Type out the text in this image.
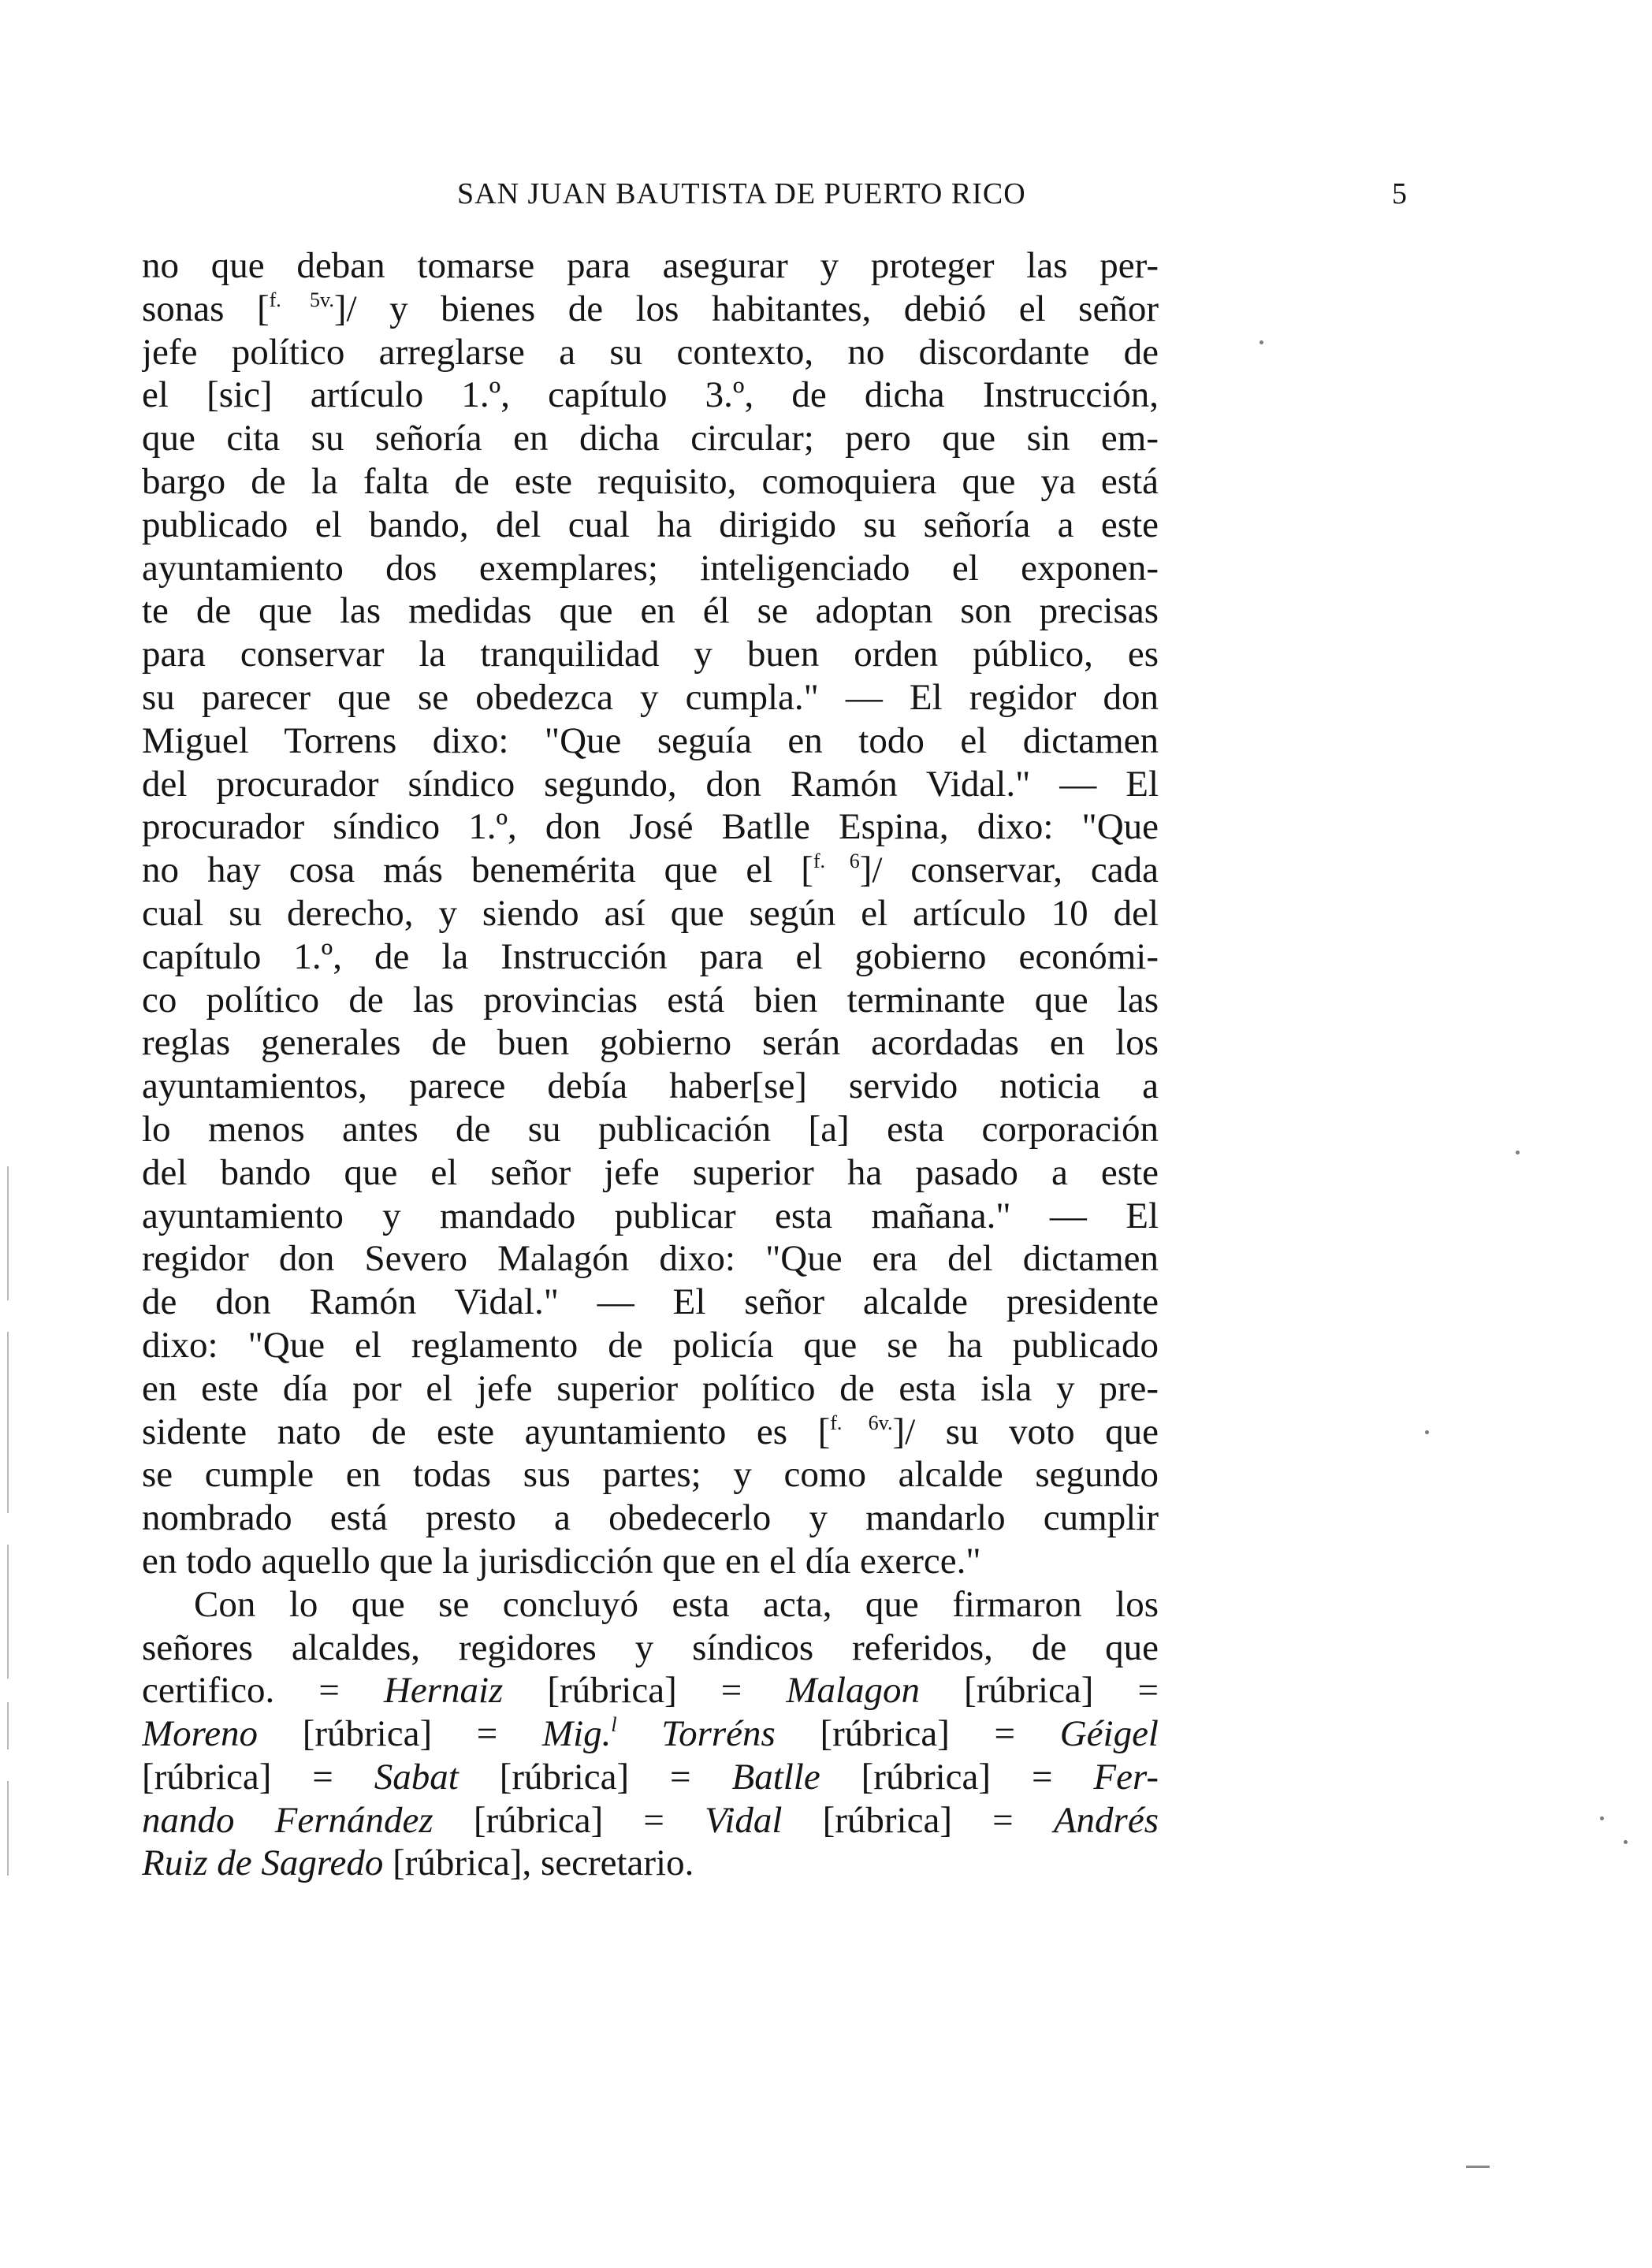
SAN JUAN BAUTISTA DE PUERTO RICO	5
no que deban tomarse para asegurar y proteger las per-
sonas [$^{f. 5v.}$]/ y bienes de los habitantes, debió el señor
jefe político arreglarse a su contexto, no discordante de
el [sic] artículo 1.º, capítulo 3.º, de dicha Instrucción,
que cita su señoría en dicha circular; pero que sin em-
bargo de la falta de este requisito, comoquiera que ya está
publicado el bando, del cual ha dirigido su señoría a este
ayuntamiento dos exemplares; inteligenciado el exponen-
te de que las medidas que en él se adoptan son precisas
para conservar la tranquilidad y buen orden público, es
su parecer que se obedezca y cumpla." — El regidor don
Miguel Torrens dixo: "Que seguía en todo el dictamen
del procurador síndico segundo, don Ramón Vidal." — El
procurador síndico 1.º, don José Batlle Espina, dixo: "Que
no hay cosa más benemérita que el [$^{f. 6}$]/ conservar, cada
cual su derecho, y siendo así que según el artículo 10 del
capítulo 1.º, de la Instrucción para el gobierno económi-
co político de las provincias está bien terminante que las
reglas generales de buen gobierno serán acordadas en los
ayuntamientos, parece debía haber[se] servido noticia a
lo menos antes de su publicación [a] esta corporación
del bando que el señor jefe superior ha pasado a este
ayuntamiento y mandado publicar esta mañana." — El
regidor don Severo Malagón dixo: "Que era del dictamen
de don Ramón Vidal." — El señor alcalde presidente
dixo: "Que el reglamento de policía que se ha publicado
en este día por el jefe superior político de esta isla y pre-
sidente nato de este ayuntamiento es [$^{f. 6v.}$]/ su voto que
se cumple en todas sus partes; y como alcalde segundo
nombrado está presto a obedecerlo y mandarlo cumplir
en todo aquello que la jurisdicción que en el día exerce."
Con lo que se concluyó esta acta, que firmaron los
señores alcaldes, regidores y síndicos referidos, de que
certifico. = Hernaiz [rúbrica] = Malagon [rúbrica] =
Moreno [rúbrica] = Mig.$^l$ Torréns [rúbrica] = Géigel
[rúbrica] = Sabat [rúbrica] = Batlle [rúbrica] = Fer-
nando Fernández [rúbrica] = Vidal [rúbrica] = Andrés
Ruiz de Sagredo [rúbrica], secretario.
